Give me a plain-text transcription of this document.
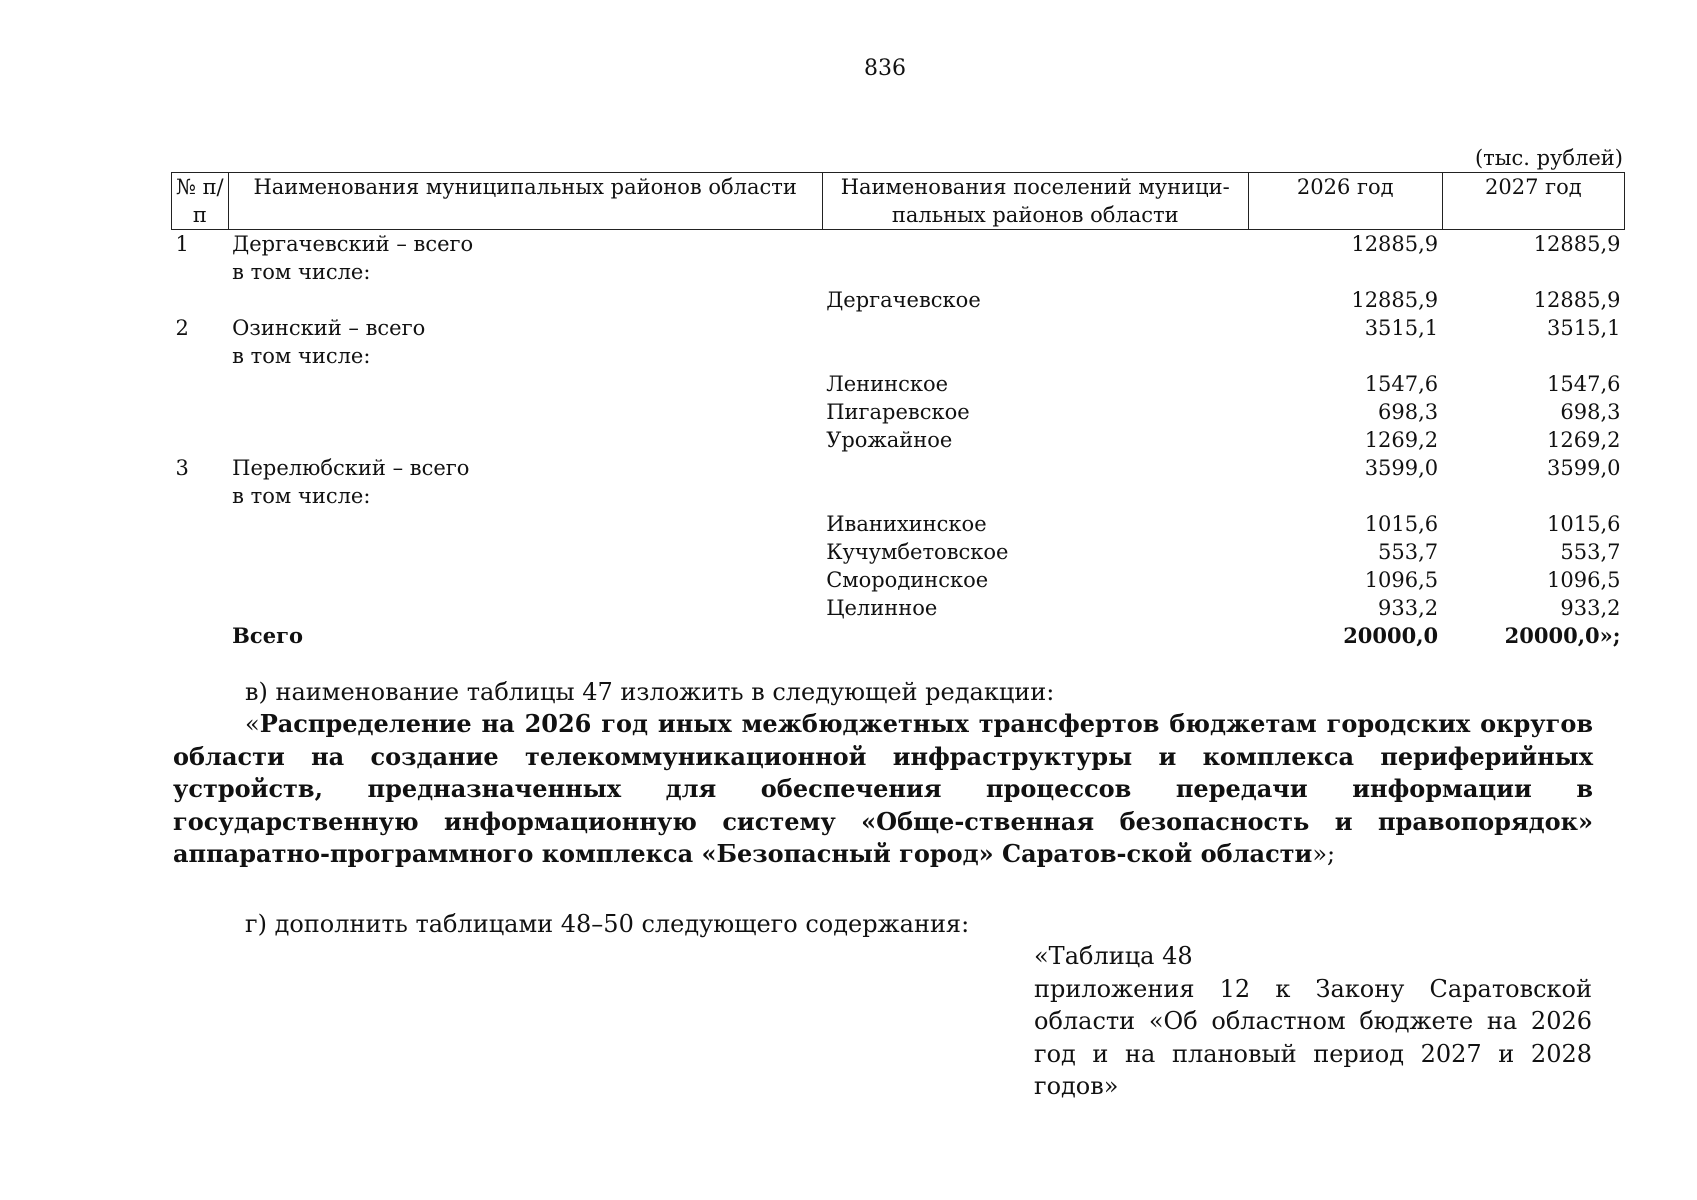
836
(тыс. рублей)
№ п/п	Наименования муниципальных районов области	Наименования поселений муници-пальных районов области	2026 год	2027 год
1	Дергачевский – всего		12885,9	12885,9
	в том числе:			
		Дергачевское	12885,9	12885,9
2	Озинский – всего		3515,1	3515,1
	в том числе:			
		Ленинское	1547,6	1547,6
		Пигаревское	698,3	698,3
		Урожайное	1269,2	1269,2
3	Перелюбский – всего		3599,0	3599,0
	в том числе:			
		Иванихинское	1015,6	1015,6
		Кучумбетовское	553,7	553,7
		Смородинское	1096,5	1096,5
		Целинное	933,2	933,2
	Всего		20000,0	20000,0»;
в) наименование таблицы 47 изложить в следующей редакции:
«Распределение на 2026 год иных межбюджетных трансфертов бюджетам городских округов области на создание телекоммуникационной инфраструктуры и комплекса периферийных устройств, предназначенных для обеспечения процессов передачи информации в государственную информационную систему «Обще-ственная безопасность и правопорядок» аппаратно-программного комплекса «Безопасный город» Саратов-ской области»;
г) дополнить таблицами 48–50 следующего содержания:
«Таблица 48
приложения 12 к Закону Саратовской области «Об областном бюджете на 2026 год и на плановый период 2027 и 2028 годов»
